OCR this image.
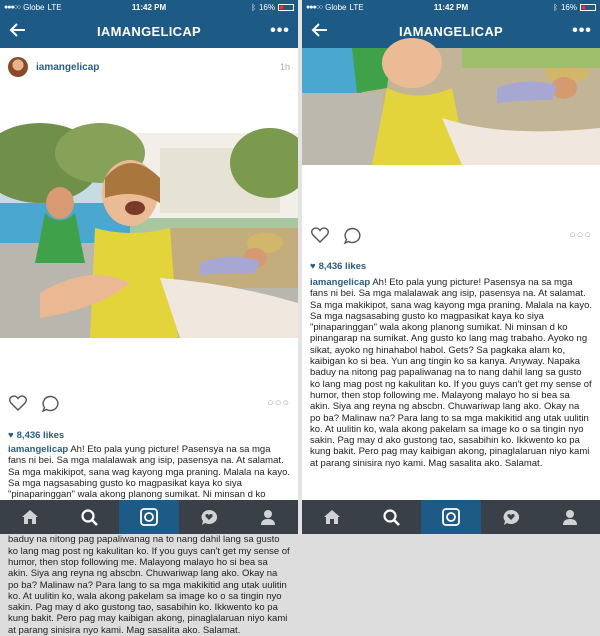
●●●○○ Globe LTE	11:42 PM	ᛒ 16%
IAMANGELICAP	•••
iamangelicap	1h
○○○
♥ 8,436 likes
iamangelicap Ah! Eto pala yung picture! Pasensya na sa mga fans ni bei. Sa mga malalawak ang isip, pasensya na. At salamat. Sa mga makikipot, sana wag kayong mga praning. Malala na kayo. Sa mga nagsasabing gusto ko magpasikat kaya ko siya "pinaparinggan" wala akong planong sumikat. Ni minsan d ko baduy na nitong pag papaliwanag na to nang dahil lang sa gusto ko lang mag post ng kakulitan ko. If you guys can't get my sense of humor, then stop following me. Malayong malayo ho si bea sa akin. Siya ang reyna ng abscbn. Chuwariwap lang ako. Okay na po ba? Malinaw na? Para lang to sa mga makikitid ang utak uulitin ko. At uulitin ko, wala akong pakelam sa image ko o sa tingin nyo sakin. Pag may d ako gustong tao, sasabihin ko. Ikkwento ko pa kung bakit. Pero pag may kaibigan akong, pinaglalaruan niyo kami at parang sinisira nyo kami. Mag sasalita ako. Salamat.
●●●○○ Globe LTE	11:42 PM	ᛒ 16%
IAMANGELICAP	•••
○○○
♥ 8,436 likes
iamangelicap Ah! Eto pala yung picture! Pasensya na sa mga fans ni bei. Sa mga malalawak ang isip, pasensya na. At salamat. Sa mga makikipot, sana wag kayong mga praning. Malala na kayo. Sa mga nagsasabing gusto ko magpasikat kaya ko siya "pinaparinggan" wala akong planong sumikat. Ni minsan d ko pinangarap na sumikat. Ang gusto ko lang mag trabaho. Ayoko ng sikat, ayoko ng hinahabol habol. Gets? Sa pagkaka alam ko, kaibigan ko si bea. Yun ang tingin ko sa kanya. Anyway. Napaka baduy na nitong pag papaliwanag na to nang dahil lang sa gusto ko lang mag post ng kakulitan ko. If you guys can't get my sense of humor, then stop following me. Malayong malayo ho si bea sa akin. Siya ang reyna ng abscbn. Chuwariwap lang ako. Okay na po ba? Malinaw na? Para lang to sa mga makikitid ang utak uulitin ko. At uulitin ko, wala akong pakelam sa image ko o sa tingin nyo sakin. Pag may d ako gustong tao, sasabihin ko. Ikkwento ko pa kung bakit. Pero pag may kaibigan akong, pinaglalaruan niyo kami at parang sinisira nyo kami. Mag sasalita ako. Salamat.
